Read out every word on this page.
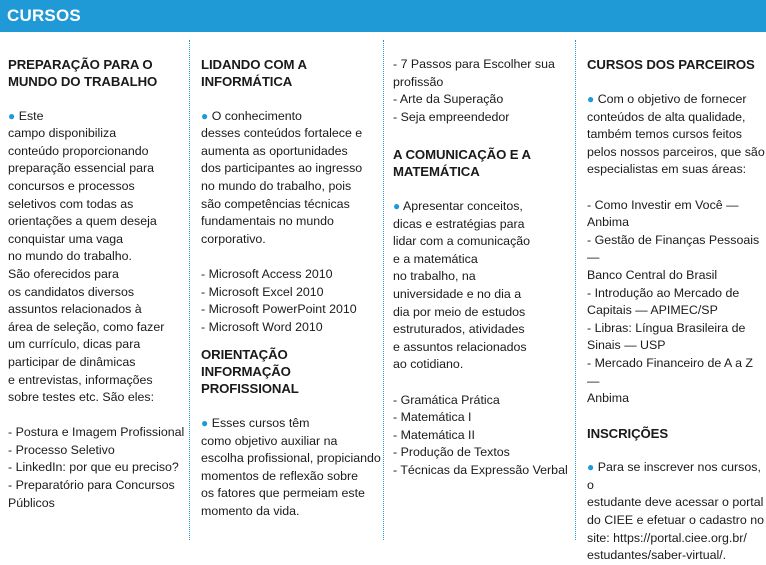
CURSOS
PREPARAÇÃO PARA O
MUNDO DO TRABALHO

● Este
campo disponibiliza
conteúdo proporcionando
preparação essencial para
concursos e processos
seletivos com todas as
orientações a quem deseja
conquistar uma vaga
no mundo do trabalho.
São oferecidos para
os candidatos diversos
assuntos relacionados à
área de seleção, como fazer
um currículo, dicas para
participar de dinâmicas
e entrevistas, informações
sobre testes etc. São eles:

- Postura e Imagem Profissional
- Processo Seletivo
- LinkedIn: por que eu preciso?
- Preparatório para Concursos
Públicos
LIDANDO COM A
INFORMÁTICA

● O conhecimento
desses conteúdos fortalece e
aumenta as oportunidades
dos participantes ao ingresso
no mundo do trabalho, pois
são competências técnicas
fundamentais no mundo
corporativo.

- Microsoft Access 2010
- Microsoft Excel 2010
- Microsoft PowerPoint 2010
- Microsoft Word 2010
ORIENTAÇÃO INFORMAÇÃO
PROFISSIONAL

● Esses cursos têm
como objetivo auxiliar na
escolha profissional, propiciando
momentos de reflexão sobre
os fatores que permeiam este
momento da vida.

- 7 Passos para Escolher sua
profissão
- Arte da Superação
- Seja empreendedor
A COMUNICAÇÃO E A
MATEMÁTICA

● Apresentar conceitos,
dicas e estratégias para
lidar com a comunicação
e a matemática
no trabalho, na
universidade e no dia a
dia por meio de estudos
estruturados, atividades
e assuntos relacionados
ao cotidiano.

- Gramática Prática
- Matemática I
- Matemática II
- Produção de Textos
- Técnicas da Expressão Verbal
CURSOS DOS PARCEIROS

● Com o objetivo de fornecer
conteúdos de alta qualidade,
também temos cursos feitos
pelos nossos parceiros, que são
especialistas em suas áreas:

- Como Investir em Você —
Anbima
- Gestão de Finanças Pessoais —
Banco Central do Brasil
- Introdução ao Mercado de
Capitais — APIMEC/SP
- Libras: Língua Brasileira de
Sinais — USP
- Mercado Financeiro de A a Z —
Anbima
INSCRIÇÕES

● Para se inscrever nos cursos, o
estudante deve acessar o portal
do CIEE e efetuar o cadastro no
site: https://portal.ciee.org.br/
estudantes/saber-virtual/.
